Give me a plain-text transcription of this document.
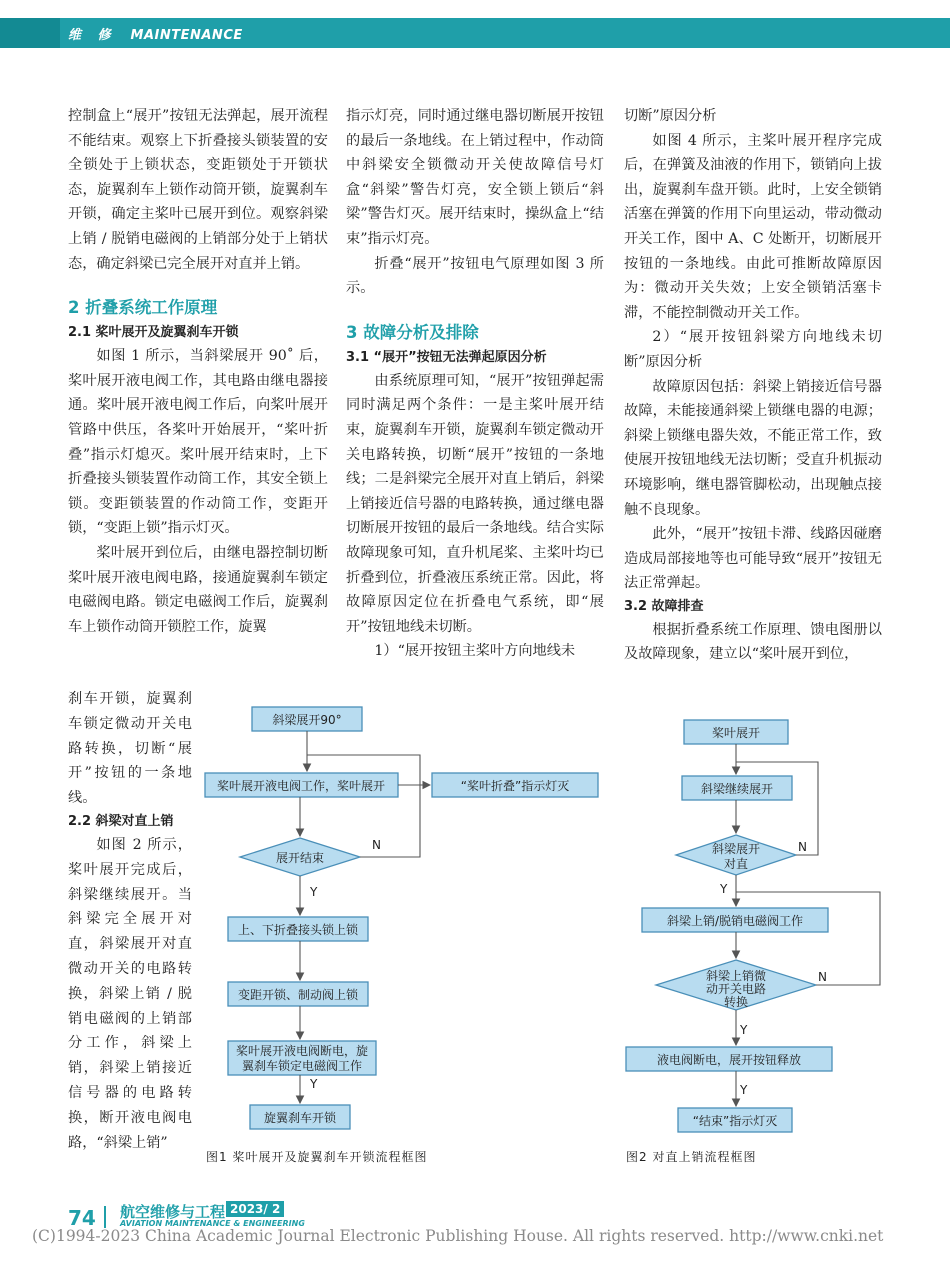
维 修 MAINTENANCE

控制盒上“展开”按钮无法弹起，展开流程不能结束。观察上下折叠接头锁装置的安全锁处于上锁状态，变距锁处于开锁状态，旋翼刹车上锁作动筒开锁，旋翼刹车开锁，确定主桨叶已展开到位。观察斜梁上销 / 脱销电磁阀的上销部分处于上销状态，确定斜梁已完全展开对直并上销。

2 折叠系统工作原理
2.1 桨叶展开及旋翼刹车开锁

如图 1 所示，当斜梁展开 90˚ 后，桨叶展开液电阀工作，其电路由继电器接通。桨叶展开液电阀工作后，向桨叶展开管路中供压，各桨叶开始展开，“桨叶折叠”指示灯熄灭。桨叶展开结束时，上下折叠接头锁装置作动筒工作，其安全锁上锁。变距锁装置的作动筒工作，变距开锁，“变距上锁”指示灯灭。

桨叶展开到位后，由继电器控制切断桨叶展开液电阀电路，接通旋翼刹车锁定电磁阀电路。锁定电磁阀工作后，旋翼刹车上锁作动筒开锁腔工作，旋翼

刹车开锁，旋翼刹车锁定微动开关电路转换，切断“展开”按钮的一条地线。

2.2 斜梁对直上销

如图 2 所示，桨叶展开完成后，斜梁继续展开。当斜梁完全展开对直，斜梁展开对直微动开关的电路转换，斜梁上销 / 脱销电磁阀的上销部分工作，斜梁上销，斜梁上销接近信号器的电路转换，断开液电阀电路，“斜梁上销”

指示灯亮，同时通过继电器切断展开按钮的最后一条地线。在上销过程中，作动筒中斜梁安全锁微动开关使故障信号灯盒“斜梁”警告灯亮，安全锁上锁后“斜梁”警告灯灭。展开结束时，操纵盒上“结束”指示灯亮。

折叠“展开”按钮电气原理如图 3 所示。

3 故障分析及排除
3.1 “展开”按钮无法弹起原因分析

由系统原理可知，“展开”按钮弹起需同时满足两个条件：一是主桨叶展开结束，旋翼刹车开锁，旋翼刹车锁定微动开关电路转换，切断“展开”按钮的一条地线；二是斜梁完全展开对直上销后，斜梁上销接近信号器的电路转换，通过继电器切断展开按钮的最后一条地线。结合实际故障现象可知，直升机尾桨、主桨叶均已折叠到位，折叠液压系统正常。因此，将故障原因定位在折叠电气系统，即“展开”按钮地线未切断。

1）“展开按钮主桨叶方向地线未

切断”原因分析

如图 4 所示，主桨叶展开程序完成后，在弹簧及油液的作用下，锁销向上拔出，旋翼刹车盘开锁。此时，上安全锁销活塞在弹簧的作用下向里运动，带动微动开关工作，图中 A、C 处断开，切断展开按钮的一条地线。由此可推断故障原因为：微动开关失效；上安全锁销活塞卡滞，不能控制微动开关工作。

2）“展开按钮斜梁方向地线未切断”原因分析

故障原因包括：斜梁上销接近信号器故障，未能接通斜梁上锁继电器的电源；斜梁上锁继电器失效，不能正常工作，致使展开按钮地线无法切断；受直升机振动环境影响，继电器管脚松动，出现触点接触不良现象。

此外，“展开”按钮卡滞、线路因碰磨造成局部接地等也可能导致“展开”按钮无法正常弹起。

3.2 故障排查

根据折叠系统工作原理、馈电图册以及故障现象，建立以“桨叶展开到位，

斜梁展开90°
桨叶展开液电阀工作，桨叶展开	“桨叶折叠”指示灯灭
展开结束
上、下折叠接头锁上锁
变距开锁、制动阀上锁
桨叶展开液电阀断电，旋
翼刹车锁定电磁阀工作
旋翼刹车开锁
N
Y
Y
图1 桨叶展开及旋翼刹车开锁流程框图
桨叶展开
斜梁继续展开
斜梁展开
对直
斜梁上销/脱销电磁阀工作
斜梁上销微
动开关电路
转换
液电阀断电，展开按钮释放
“结束”指示灯灭
N
N
Y
Y
Y
图2 对直上销流程框图
74 航空维修与工程 2023/ 2
AVIATION MAINTENANCE & ENGINEERING
(C)1994-2023 China Academic Journal Electronic Publishing House. All rights reserved. http://www.cnki.net
